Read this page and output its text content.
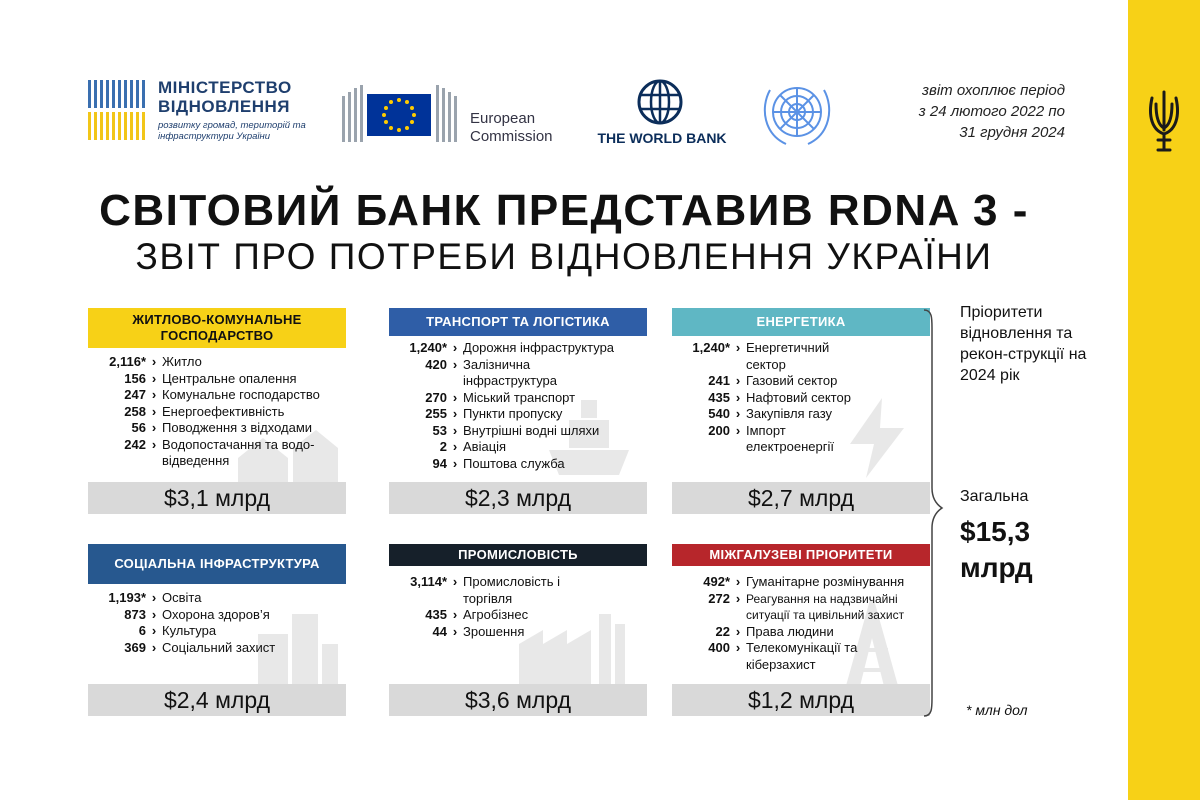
МІНІСТЕРСТВО
ВІДНОВЛЕННЯ
розвитку громад, територій та інфраструктури України
European
Commission	THE WORLD BANK
звіт охоплює період
з 24 лютого 2022 по
31 грудня 2024
СВІТОВИЙ БАНК ПРЕДСТАВИВ RDNA 3 -
ЗВІТ ПРО ПОТРЕБИ ВІДНОВЛЕННЯ УКРАЇНИ
ЖИТЛОВО-КОМУНАЛЬНЕ ГОСПОДАРСТВО
2,116* › Житло
156 › Центральне опалення
247 › Комунальне господарство
258 › Енергоефективність
56 › Поводження з відходами
242 › Водопостачання та водо-відведення
$3,1 млрд
ТРАНСПОРТ ТА ЛОГІСТИКА
1,240* › Дорожня інфраструктура
420 › Залізнична інфраструктура
270 › Міський транспорт
255 › Пункти пропуску
53 › Внутрішні водні шляхи
2 › Авіація
94 › Поштова служба
$2,3 млрд
ЕНЕРГЕТИКА
1,240* › Енергетичний сектор
241 › Газовий сектор
435 › Нафтовий сектор
540 › Закупівля газу
200 › Імпорт електроенергії
$2,7 млрд
СОЦІАЛЬНА ІНФРАСТРУКТУРА
1,193* › Освіта
873 › Охорона здоров’я
6 › Культура
369 › Соціальний захист
$2,4 млрд
ПРОМИСЛОВІСТЬ
3,114* › Промисловість і торгівля
435 › Агробізнес
44 › Зрошення
$3,6 млрд
МІЖГАЛУЗЕВІ ПРІОРИТЕТИ
492* › Гуманітарне розмінування
272 › Реагування на надзвичайні ситуації та цивільний захист
22 › Права людини
400 › Телекомунікації та кіберзахист
$1,2 млрд
Пріоритети відновлення та рекон-струкції на 2024 рік
Загальна
$15,3 млрд
* млн дол
